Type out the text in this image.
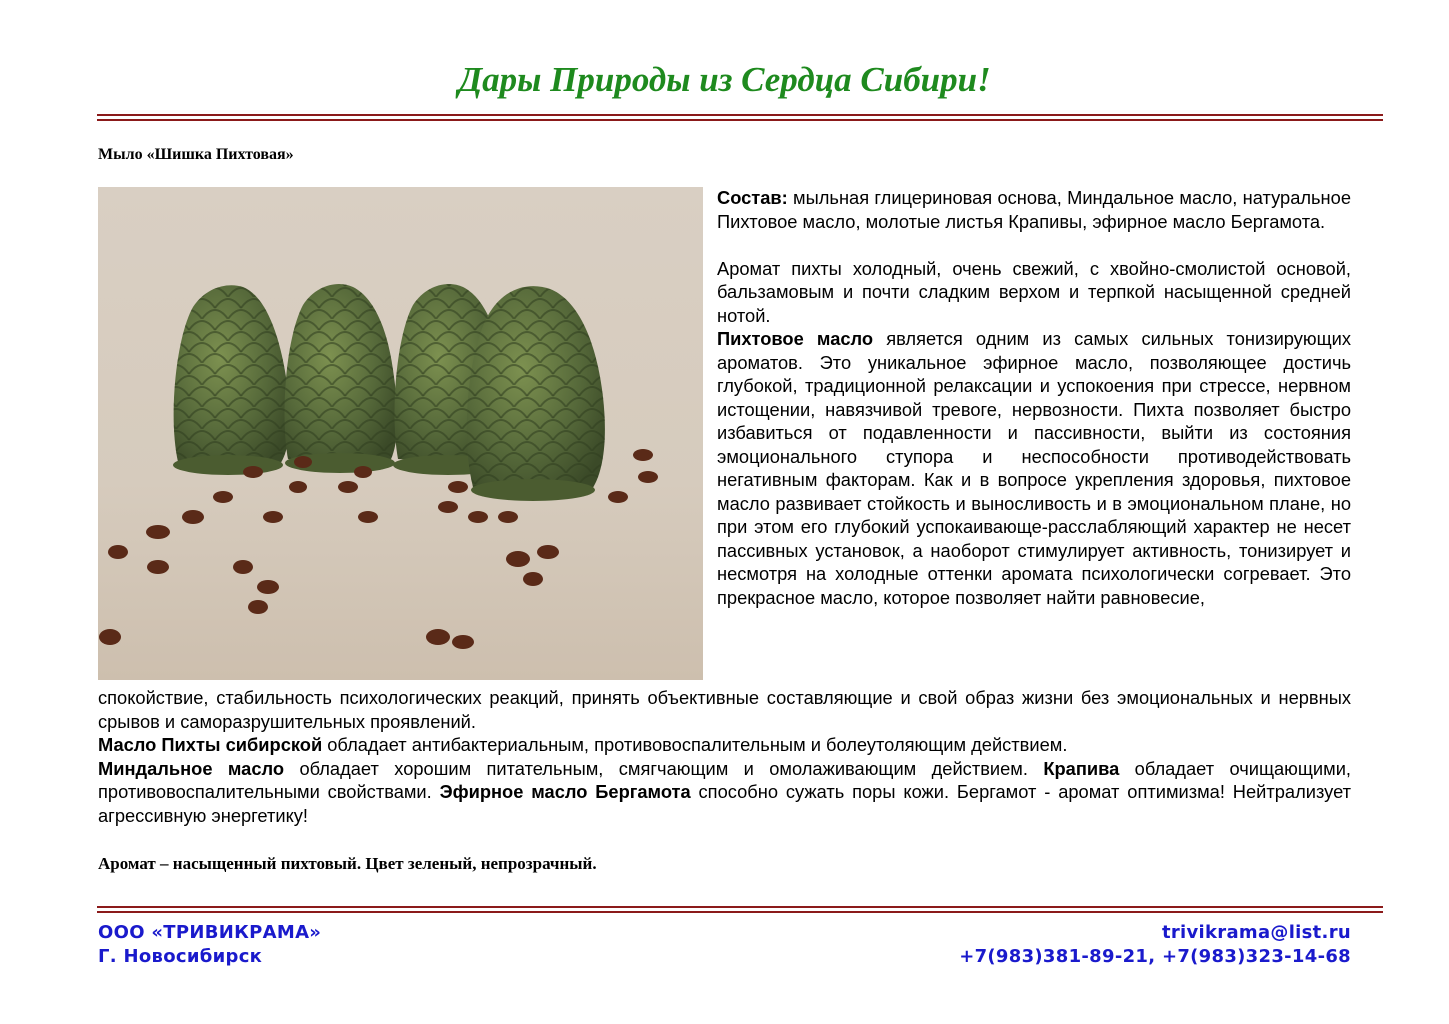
Дары Природы из Сердца Сибири!
Мыло «Шишка Пихтовая»

Состав: мыльная глицериновая основа, Миндальное масло, натуральное Пихтовое масло, молотые листья Крапивы, эфирное масло Бергамота.

Аромат пихты холодный, очень свежий, с хвойно-смолистой основой, бальзамовым и почти сладким верхом и терпкой насыщенной средней нотой.

Пихтовое масло является одним из самых сильных тонизирующих ароматов. Это уникальное эфирное масло, позволяющее достичь глубокой, традиционной релаксации и успокоения при стрессе, нервном истощении, навязчивой тревоге, нервозности. Пихта позволяет быстро избавиться от подавленности и пассивности, выйти из состояния эмоционального ступора и неспособности противодействовать негативным факторам. Как и в вопросе укрепления здоровья, пихтовое масло развивает стойкость и выносливость и в эмоциональном плане, но при этом его глубокий успокаивающе-расслабляющий характер не несет пассивных установок, а наоборот стимулирует активность, тонизирует и несмотря на холодные оттенки аромата психологически согревает. Это прекрасное масло, которое позволяет найти равновесие,

спокойствие, стабильность психологических реакций, принять объективные составляющие и свой образ жизни без эмоциональных и нервных срывов и саморазрушительных проявлений.

Масло Пихты сибирской обладает антибактериальным, противовоспалительным и болеутоляющим действием.

Миндальное масло обладает хорошим питательным, смягчающим и омолаживающим действием. Крапива обладает очищающими, противовоспалительными свойствами. Эфирное масло Бергамота способно сужать поры кожи. Бергамот - аромат оптимизма! Нейтрализует агрессивную энергетику!

Аромат – насыщенный пихтовый. Цвет зеленый, непрозрачный.
ООО «ТРИВИКРАМА»
Г. Новосибирск
trivikrama@list.ru
+7(983)381-89-21, +7(983)323-14-68
